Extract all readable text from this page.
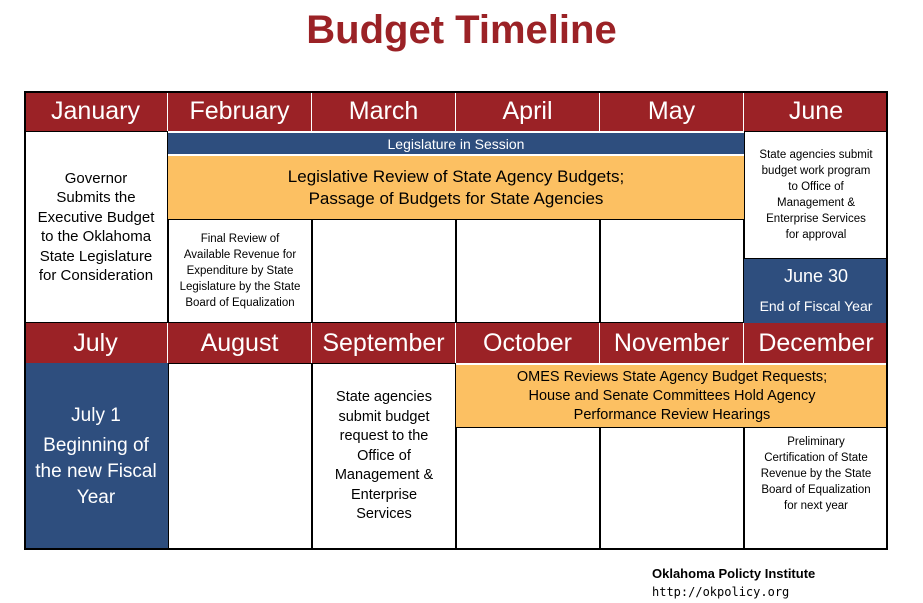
Budget Timeline
January	February	March	April	May	June
Governor Submits the Executive Budget to the Oklahoma State Legislature for Consideration
Legislature in Session
Legislative Review of State Agency Budgets;
Passage of Budgets for State Agencies
Final Review of Available Revenue for Expenditure by State Legislature by the State Board of Equalization
State agencies submit budget work program to Office of Management & Enterprise Services for approval
June 30
End of Fiscal Year
July	August	September	October	November	December
July 1
Beginning of the new Fiscal Year
State agencies submit budget request to the Office of Management & Enterprise Services
OMES Reviews State Agency Budget Requests;
House and Senate Committees Hold Agency
Performance Review Hearings
Preliminary Certification of State Revenue by the State Board of Equalization for next year
Oklahoma Policty Institute
http://okpolicy.org
